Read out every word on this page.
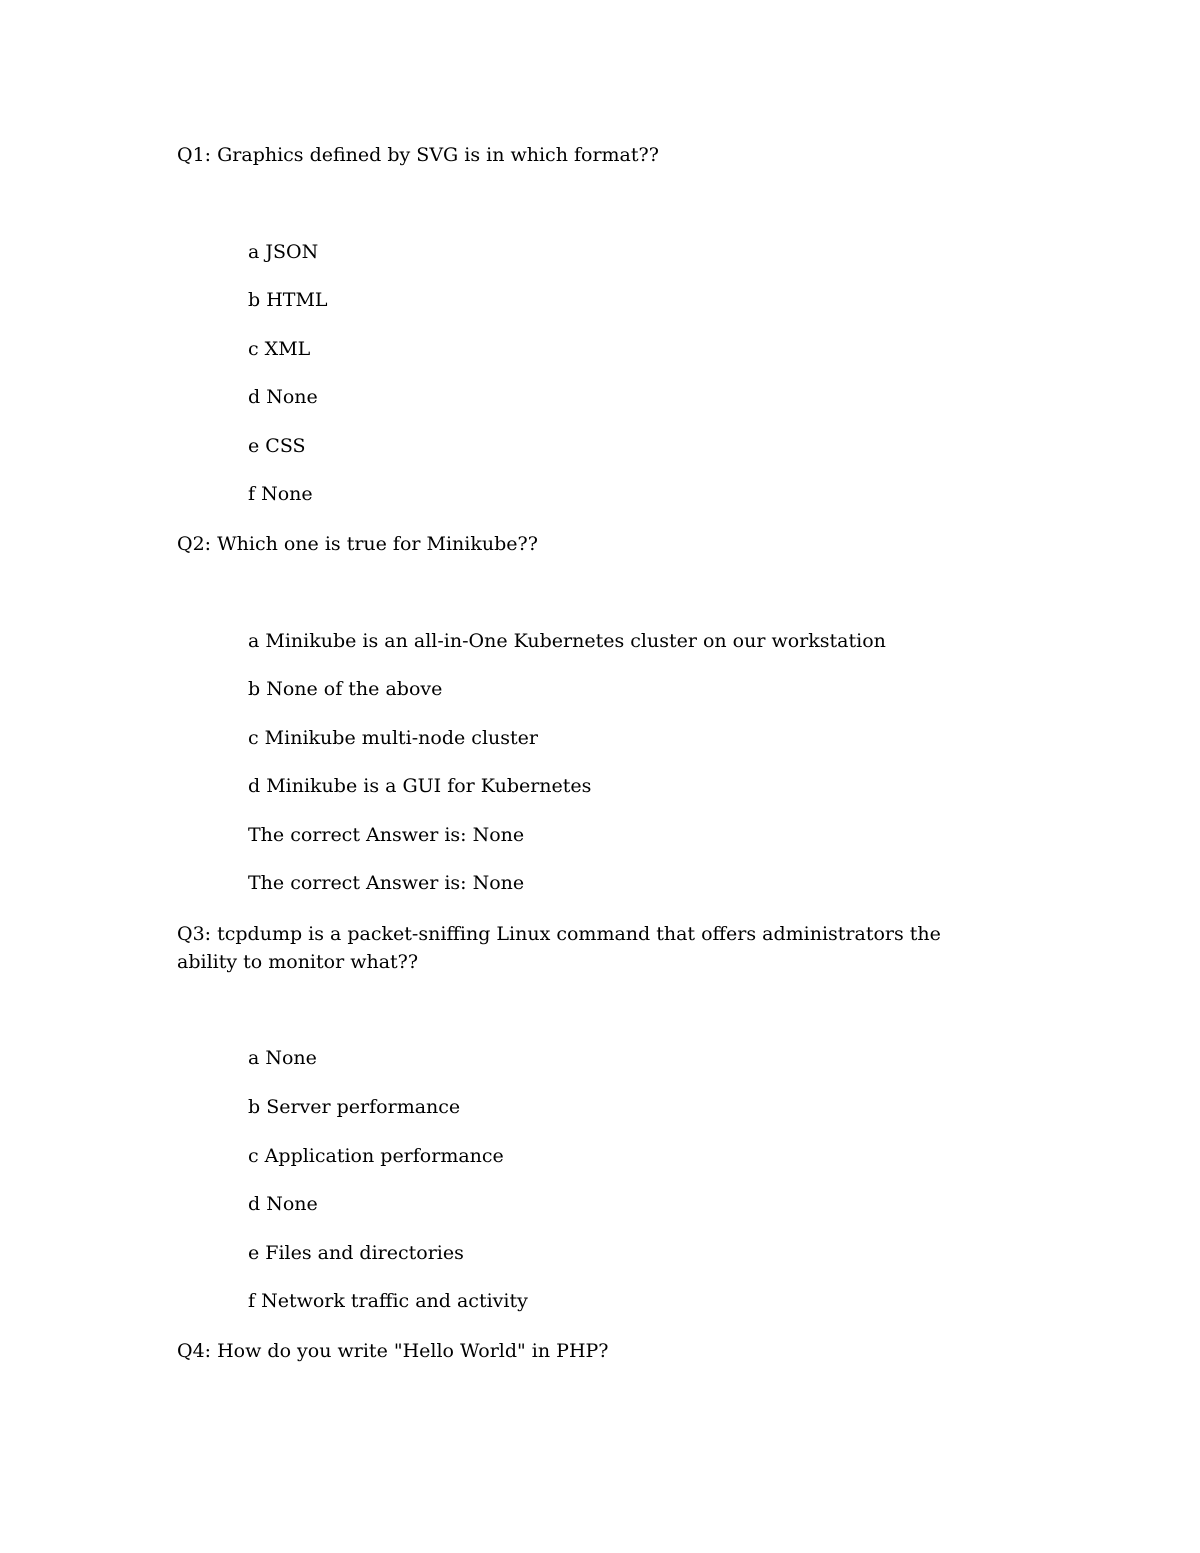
Q1: Graphics defined by SVG is in which format??

a JSON

b HTML

c XML

d None

e CSS

f None

Q2: Which one is true for Minikube??

a Minikube is an all-in-One Kubernetes cluster on our workstation

b None of the above

c Minikube multi-node cluster

d Minikube is a GUI for Kubernetes

The correct Answer is: None

The correct Answer is: None

Q3: tcpdump is a packet-sniffing Linux command that offers administrators the ability to monitor what??

a None

b Server performance

c Application performance

d None

e Files and directories

f Network traffic and activity

Q4: How do you write "Hello World" in PHP?
